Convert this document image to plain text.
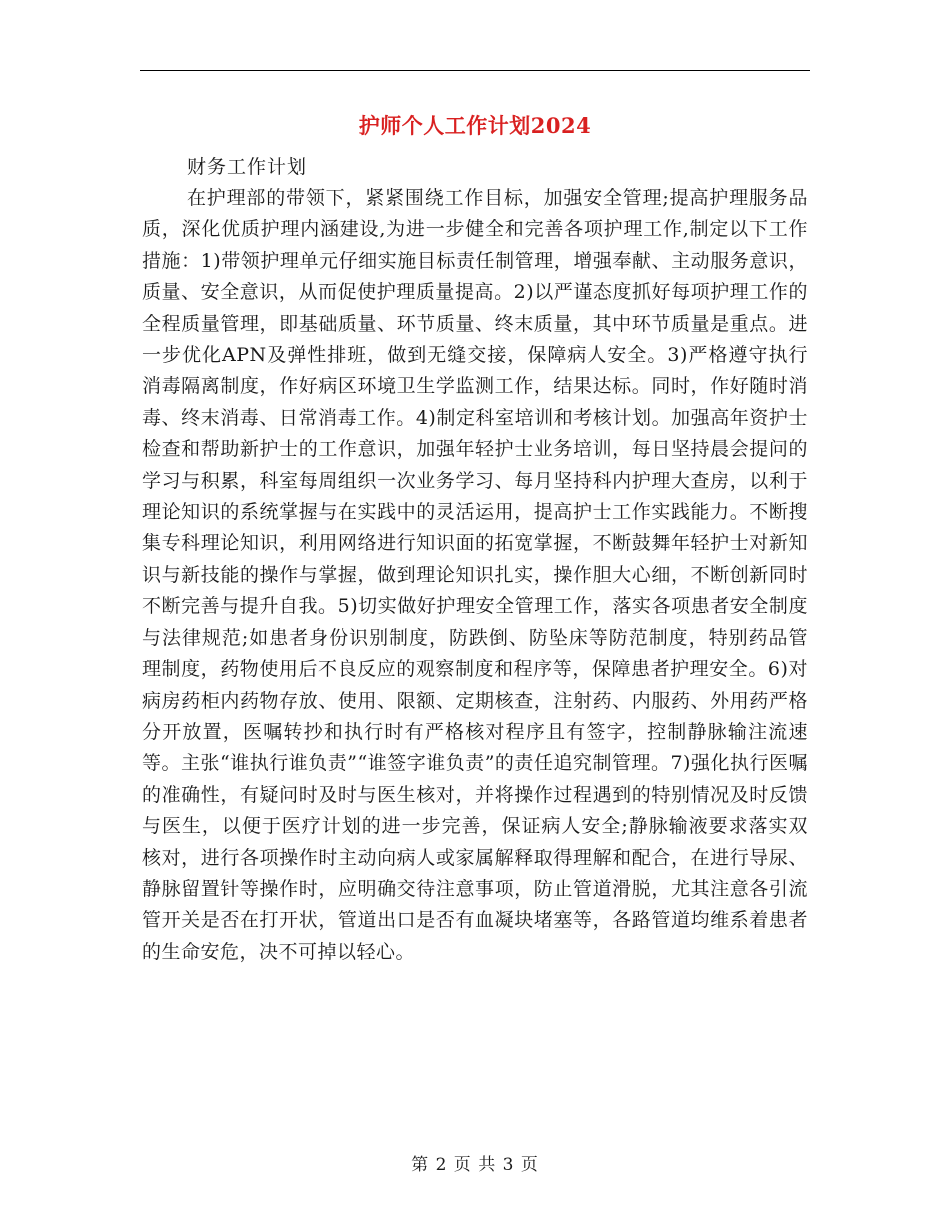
护师个人工作计划2024
财务工作计划

在护理部的带领下，紧紧围绕工作目标，加强安全管理;提高护理服务品质，深化优质护理内涵建设,为进一步健全和完善各项护理工作,制定以下工作措施：1)带领护理单元仔细实施目标责任制管理，增强奉献、主动服务意识，质量、安全意识，从而促使护理质量提高。2)以严谨态度抓好每项护理工作的全程质量管理，即基础质量、环节质量、终末质量，其中环节质量是重点。进一步优化APN及弹性排班，做到无缝交接，保障病人安全。3)严格遵守执行消毒隔离制度，作好病区环境卫生学监测工作，结果达标。同时，作好随时消毒、终末消毒、日常消毒工作。4)制定科室培训和考核计划。加强高年资护士检查和帮助新护士的工作意识，加强年轻护士业务培训，每日坚持晨会提问的学习与积累，科室每周组织一次业务学习、每月坚持科内护理大查房，以利于理论知识的系统掌握与在实践中的灵活运用，提高护士工作实践能力。不断搜集专科理论知识，利用网络进行知识面的拓宽掌握，不断鼓舞年轻护士对新知识与新技能的操作与掌握，做到理论知识扎实，操作胆大心细，不断创新同时不断完善与提升自我。5)切实做好护理安全管理工作，落实各项患者安全制度与法律规范;如患者身份识别制度，防跌倒、防坠床等防范制度，特别药品管理制度，药物使用后不良反应的观察制度和程序等，保障患者护理安全。6)对病房药柜内药物存放、使用、限额、定期核查，注射药、内服药、外用药严格分开放置，医嘱转抄和执行时有严格核对程序且有签字，控制静脉输注流速等。主张“谁执行谁负责”“谁签字谁负责”的责任追究制管理。7)强化执行医嘱的准确性，有疑问时及时与医生核对，并将操作过程遇到的特别情况及时反馈与医生，以便于医疗计划的进一步完善，保证病人安全;静脉输液要求落实双核对，进行各项操作时主动向病人或家属解释取得理解和配合，在进行导尿、静脉留置针等操作时，应明确交待注意事项，防止管道滑脱，尤其注意各引流管开关是否在打开状，管道出口是否有血凝块堵塞等，各路管道均维系着患者的生命安危，决不可掉以轻心。

第 2 页 共 3 页
